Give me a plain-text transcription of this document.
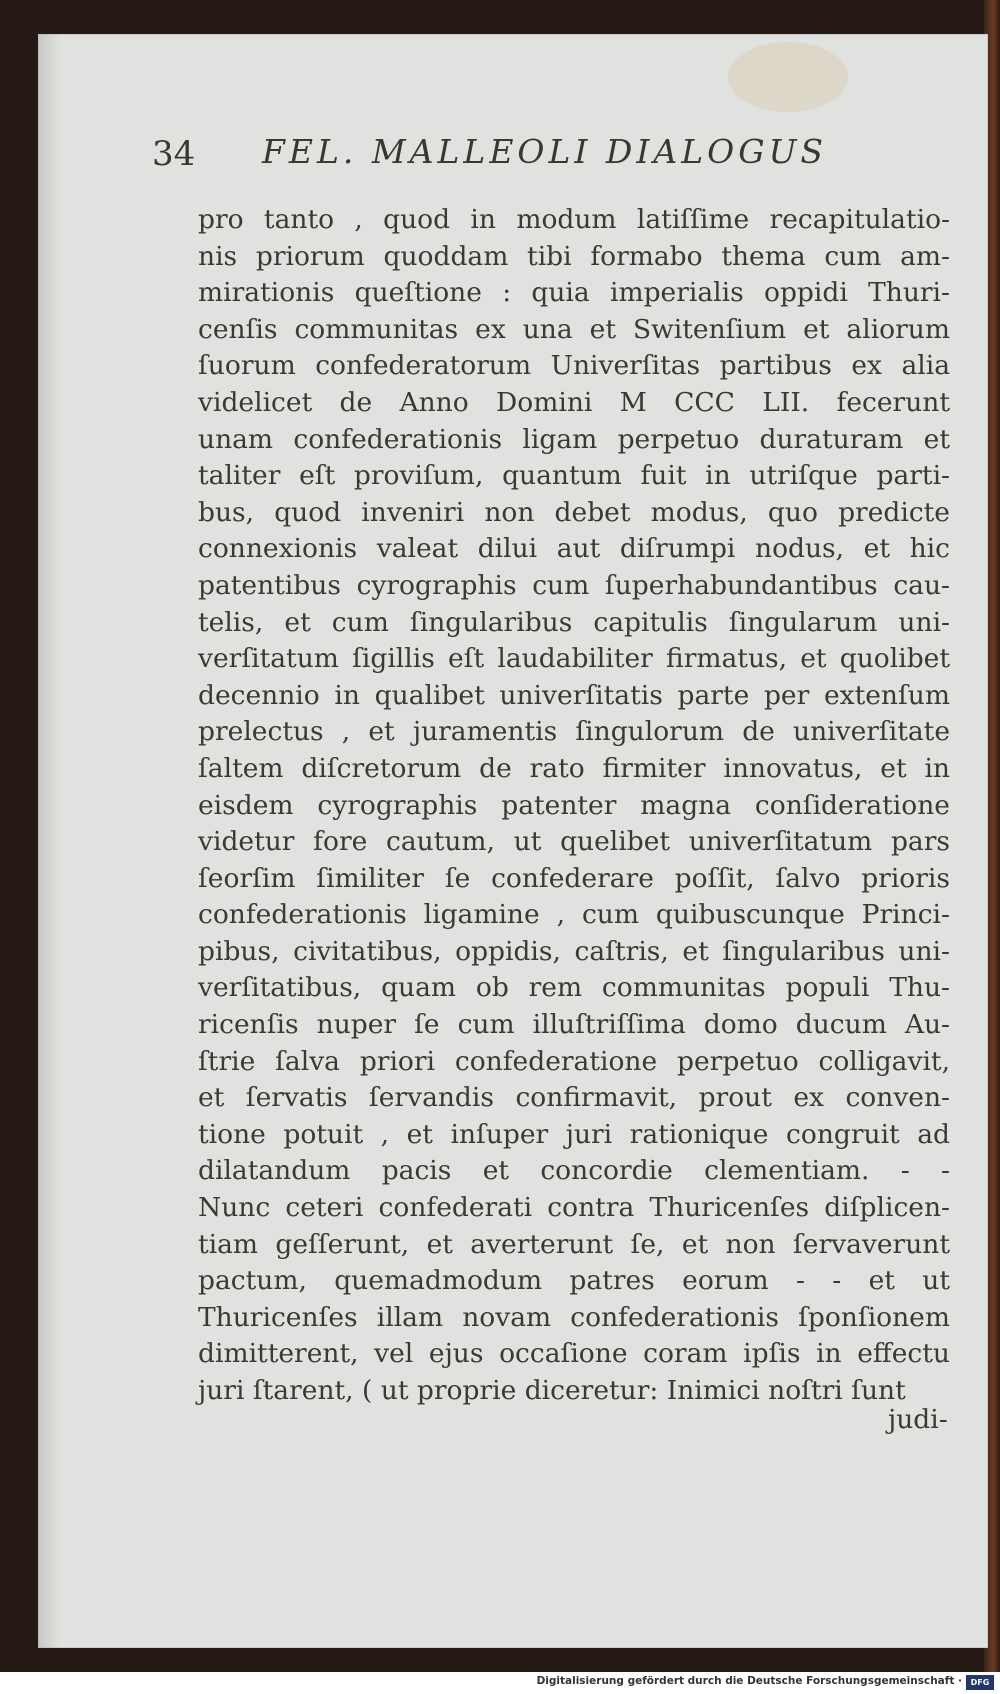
34 FEL. MALLEOLI DIALOGUS
pro tanto , quod in modum latiſſime recapitulatio-
nis priorum quoddam tibi formabo thema cum am-
mirationis queſtione : quia imperialis oppidi Thuri-
cenſis communitas ex una et Switenſium et aliorum
ſuorum confederatorum Univerſitas partibus ex alia
videlicet de Anno Domini M CCC LII. fecerunt
unam confederationis ligam perpetuo duraturam et
taliter eſt proviſum, quantum fuit in utriſque parti-
bus, quod inveniri non debet modus, quo predicte
connexionis valeat dilui aut diſrumpi nodus, et hic
patentibus cyrographis cum ſuperhabundantibus cau-
telis, et cum ſingularibus capitulis ſingularum uni-
verſitatum ſigillis eſt laudabiliter firmatus, et quolibet
decennio in qualibet univerſitatis parte per extenſum
prelectus , et juramentis ſingulorum de univerſitate
ſaltem diſcretorum de rato firmiter innovatus, et in
eisdem cyrographis patenter magna conſideratione
videtur fore cautum, ut quelibet univerſitatum pars
ſeorſim ſimiliter ſe confederare poſſit, ſalvo prioris
confederationis ligamine , cum quibuscunque Princi-
pibus, civitatibus, oppidis, caſtris, et ſingularibus uni-
verſitatibus, quam ob rem communitas populi Thu-
ricenſis nuper ſe cum illuſtriſſima domo ducum Au-
ſtrie ſalva priori confederatione perpetuo colligavit,
et ſervatis ſervandis confirmavit, prout ex conven-
tione potuit , et inſuper juri rationique congruit ad
dilatandum pacis et concordie clementiam. - -
Nunc ceteri confederati contra Thuricenſes diſplicen-
tiam geſſerunt, et averterunt ſe, et non ſervaverunt
pactum, quemadmodum patres eorum - - et ut
Thuricenſes illam novam confederationis ſponſionem
dimitterent, vel ejus occaſione coram ipſis in effectu
juri ſtarent, ( ut proprie diceretur: Inimici noſtri ſunt
judi-
Digitalisierung gefördert durch die Deutsche Forschungsgemeinschaft ·	DFG
